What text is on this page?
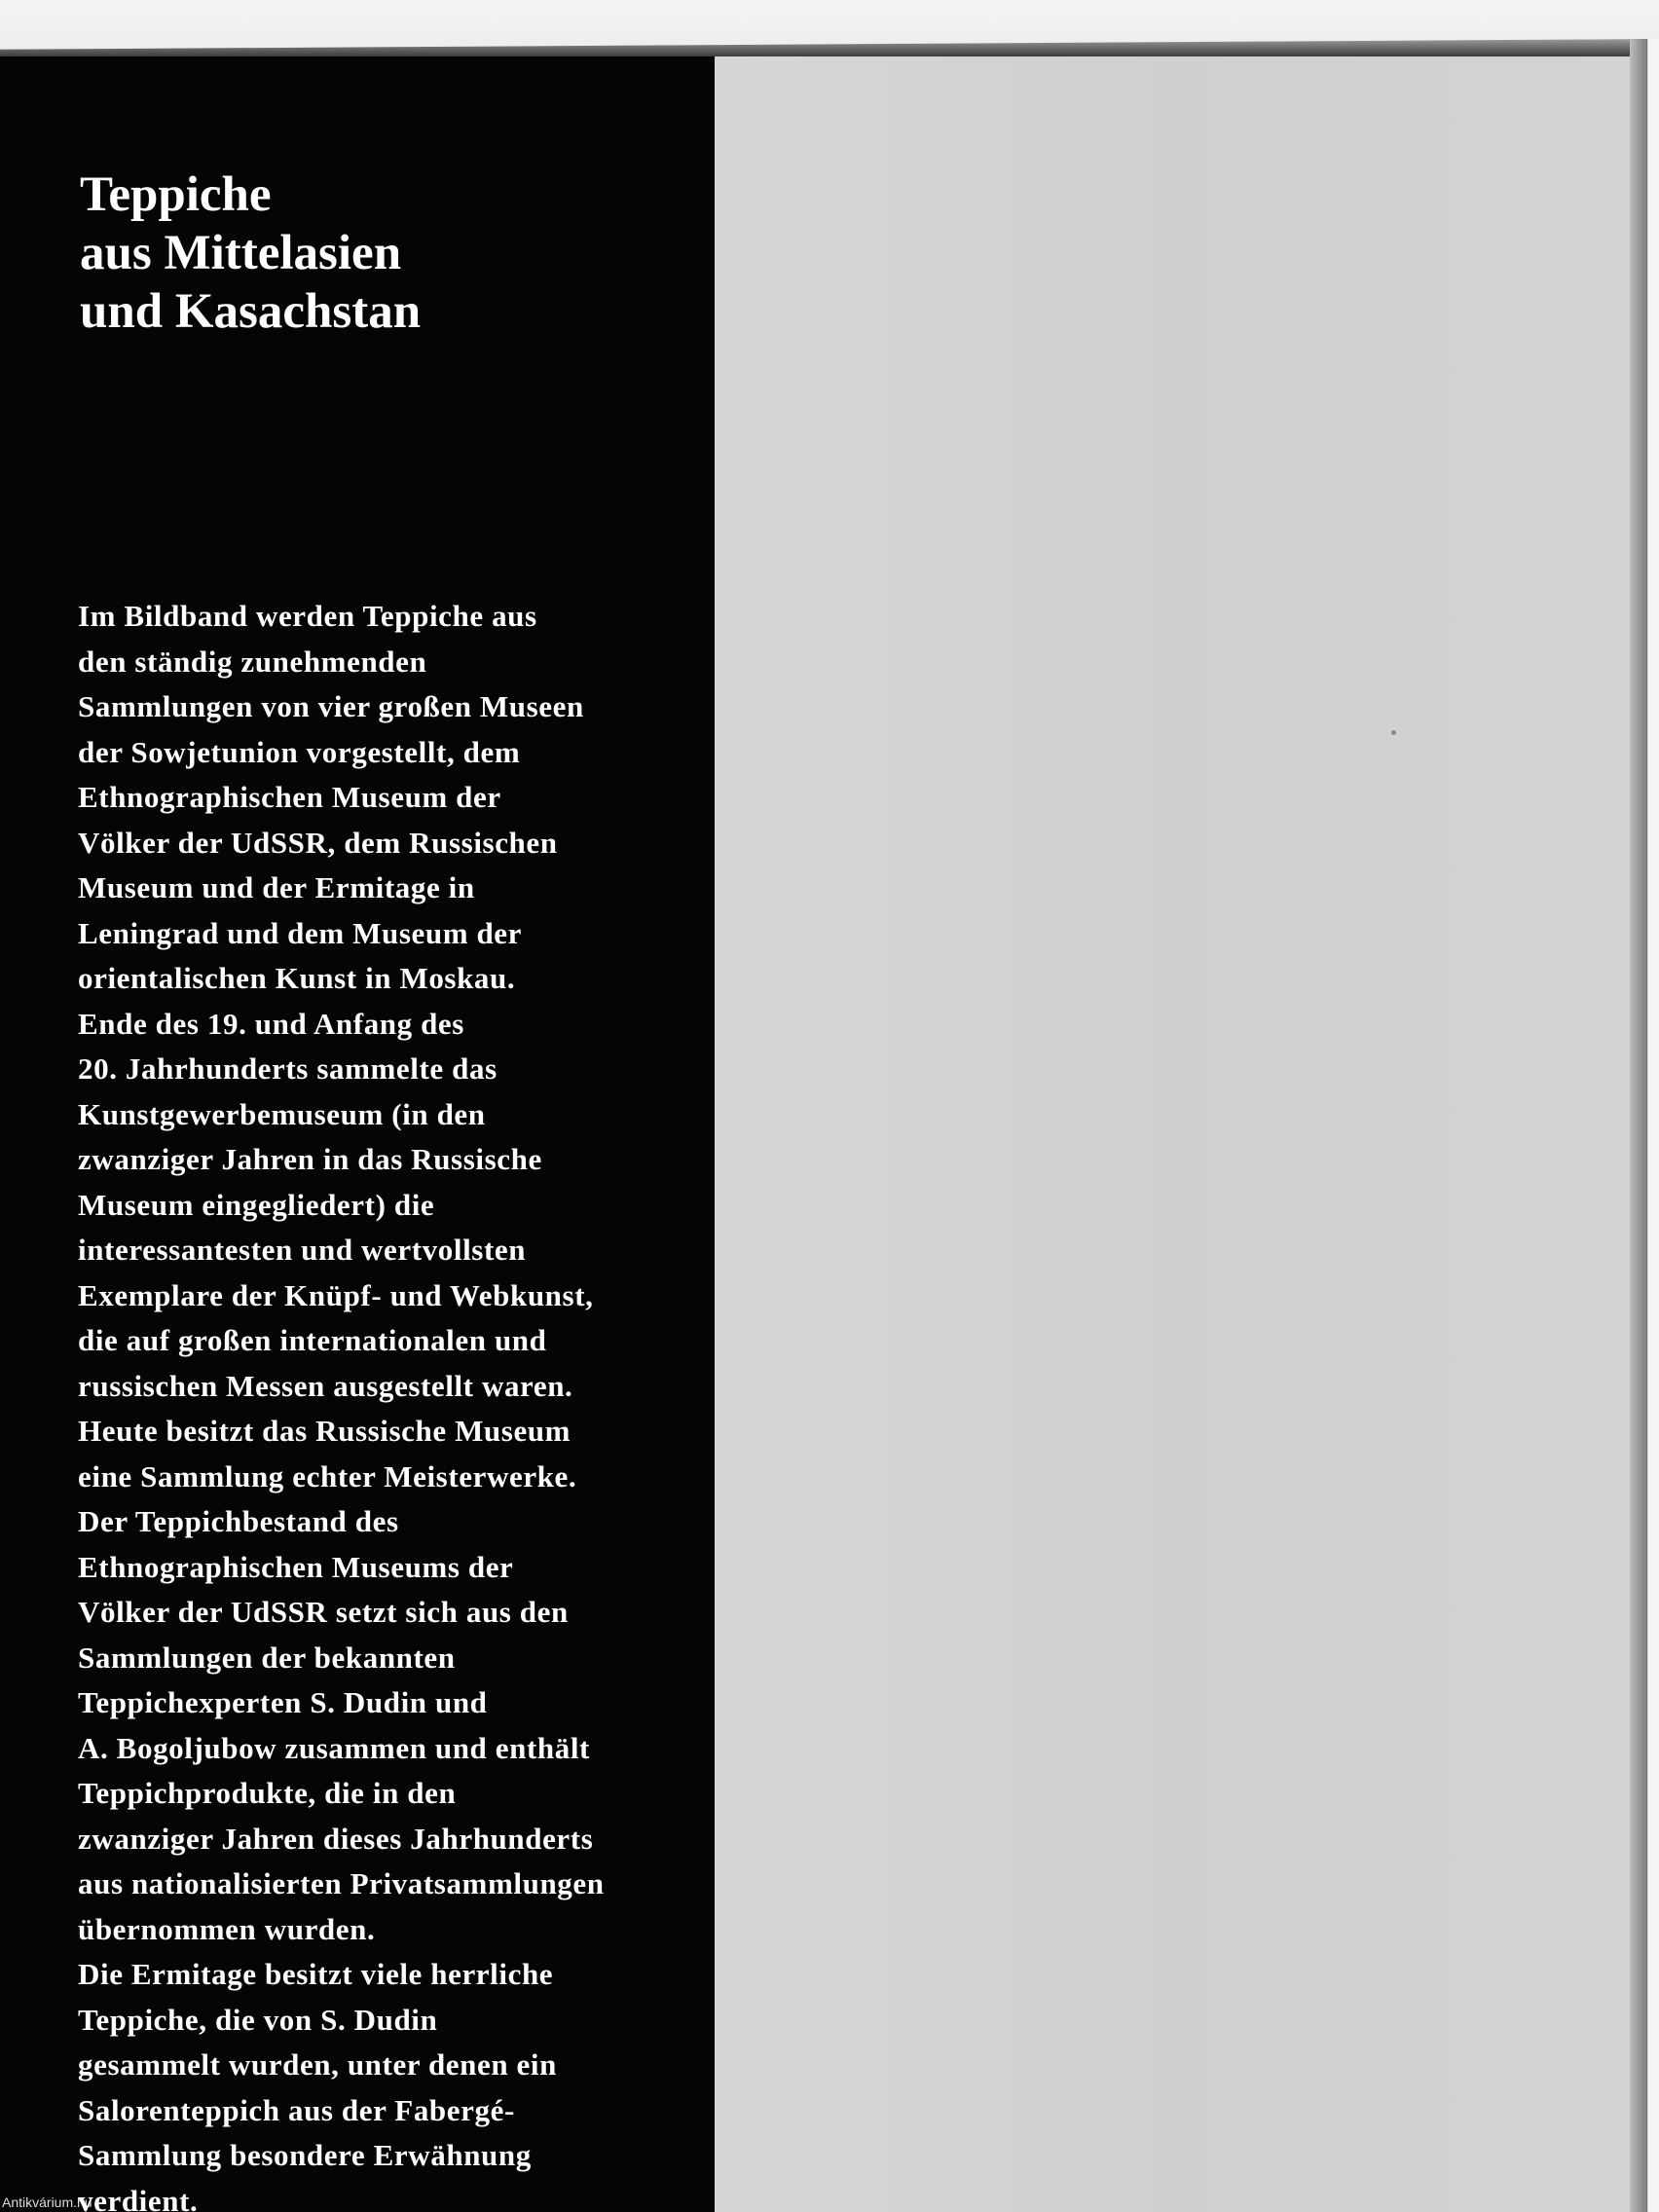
Teppiche
aus Mittelasien
und Kasachstan

Im Bildband werden Teppiche aus
den ständig zunehmenden
Sammlungen von vier großen Museen
der Sowjetunion vorgestellt, dem
Ethnographischen Museum der
Völker der UdSSR, dem Russischen
Museum und der Ermitage in
Leningrad und dem Museum der
orientalischen Kunst in Moskau.
Ende des 19. und Anfang des
20. Jahrhunderts sammelte das
Kunstgewerbemuseum (in den
zwanziger Jahren in das Russische
Museum eingegliedert) die
interessantesten und wertvollsten
Exemplare der Knüpf- und Webkunst,
die auf großen internationalen und
russischen Messen ausgestellt waren.
Heute besitzt das Russische Museum
eine Sammlung echter Meisterwerke.
Der Teppichbestand des
Ethnographischen Museums der
Völker der UdSSR setzt sich aus den
Sammlungen der bekannten
Teppichexperten S. Dudin und
A. Bogoljubow zusammen und enthält
Teppichprodukte, die in den
zwanziger Jahren dieses Jahrhunderts
aus nationalisierten Privatsammlungen
übernommen wurden.
Die Ermitage besitzt viele herrliche
Teppiche, die von S. Dudin
gesammelt wurden, unter denen ein
Salorenteppich aus der Fabergé-
Sammlung besondere Erwähnung
verdient.

Antikvárium.hu
